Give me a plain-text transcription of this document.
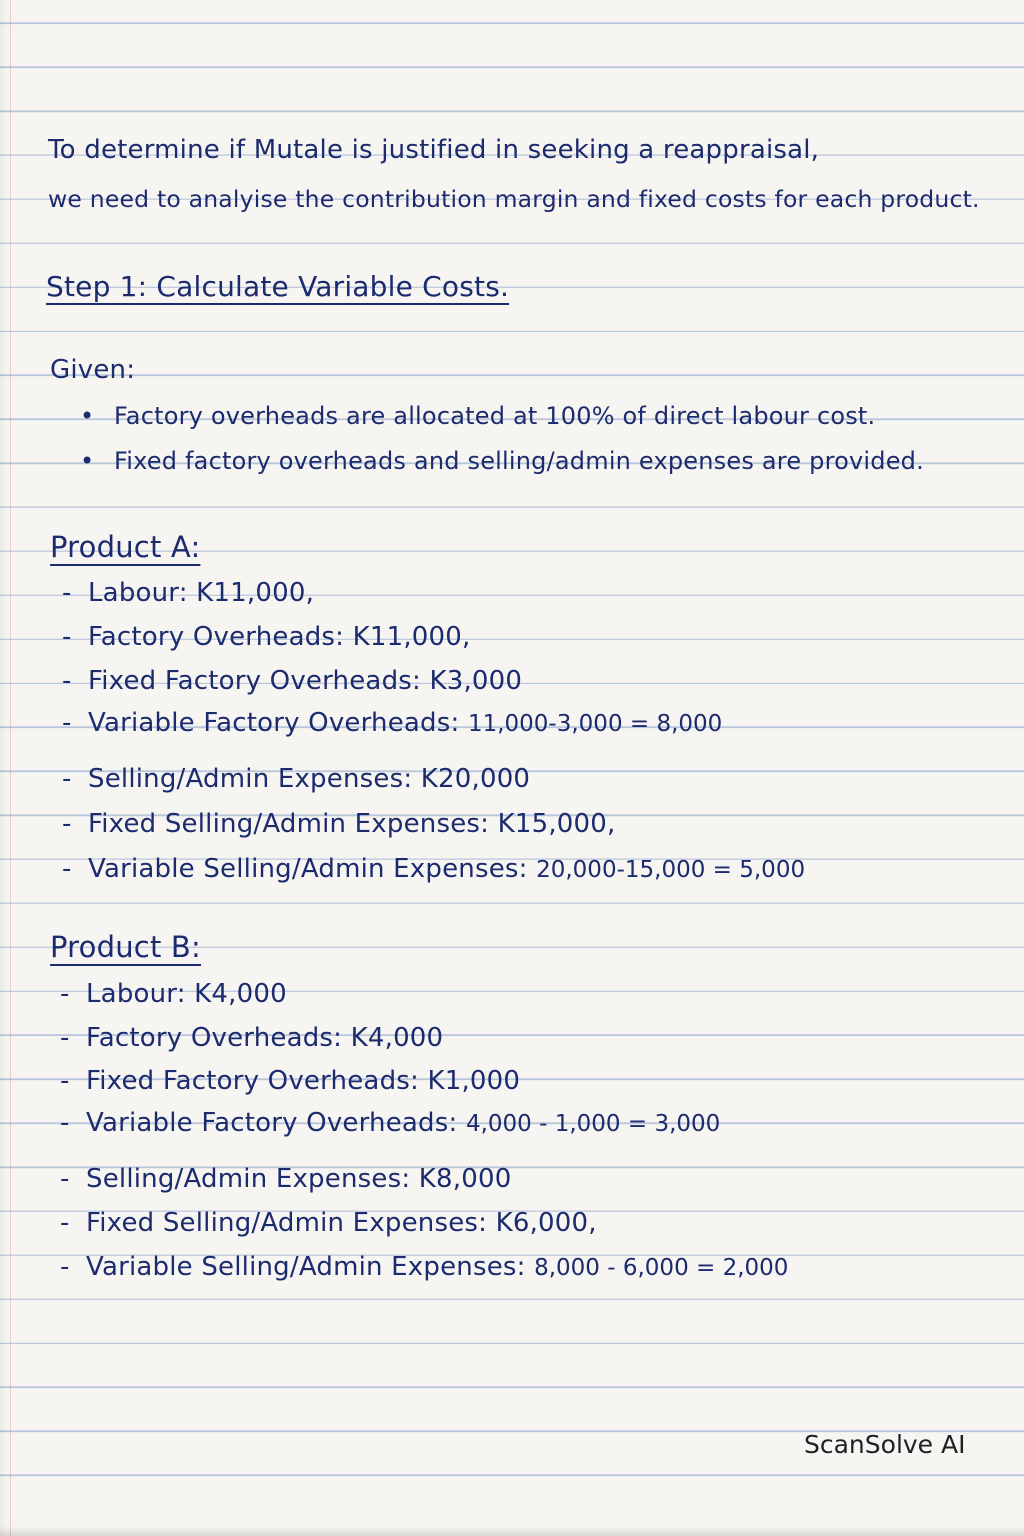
To determine if Mutale is justified in seeking a reappraisal,
we need to analyise the contribution margin and fixed costs for each product.
Step 1: Calculate Variable Costs.
Given:
• Factory overheads are allocated at 100% of direct labour cost.
• Fixed factory overheads and selling/admin expenses are provided.
Product A:
- Labour: K11,000,
- Factory Overheads: K11,000,
- Fixed Factory Overheads: K3,000
- Variable Factory Overheads: 11,000-3,000 = 8,000
- Selling/Admin Expenses: K20,000
- Fixed Selling/Admin Expenses: K15,000,
- Variable Selling/Admin Expenses: 20,000-15,000 = 5,000
Product B:
- Labour: K4,000
- Factory Overheads: K4,000
- Fixed Factory Overheads: K1,000
- Variable Factory Overheads: 4,000 - 1,000 = 3,000
- Selling/Admin Expenses: K8,000
- Fixed Selling/Admin Expenses: K6,000,
- Variable Selling/Admin Expenses: 8,000 - 6,000 = 2,000
ScanSolve AI
